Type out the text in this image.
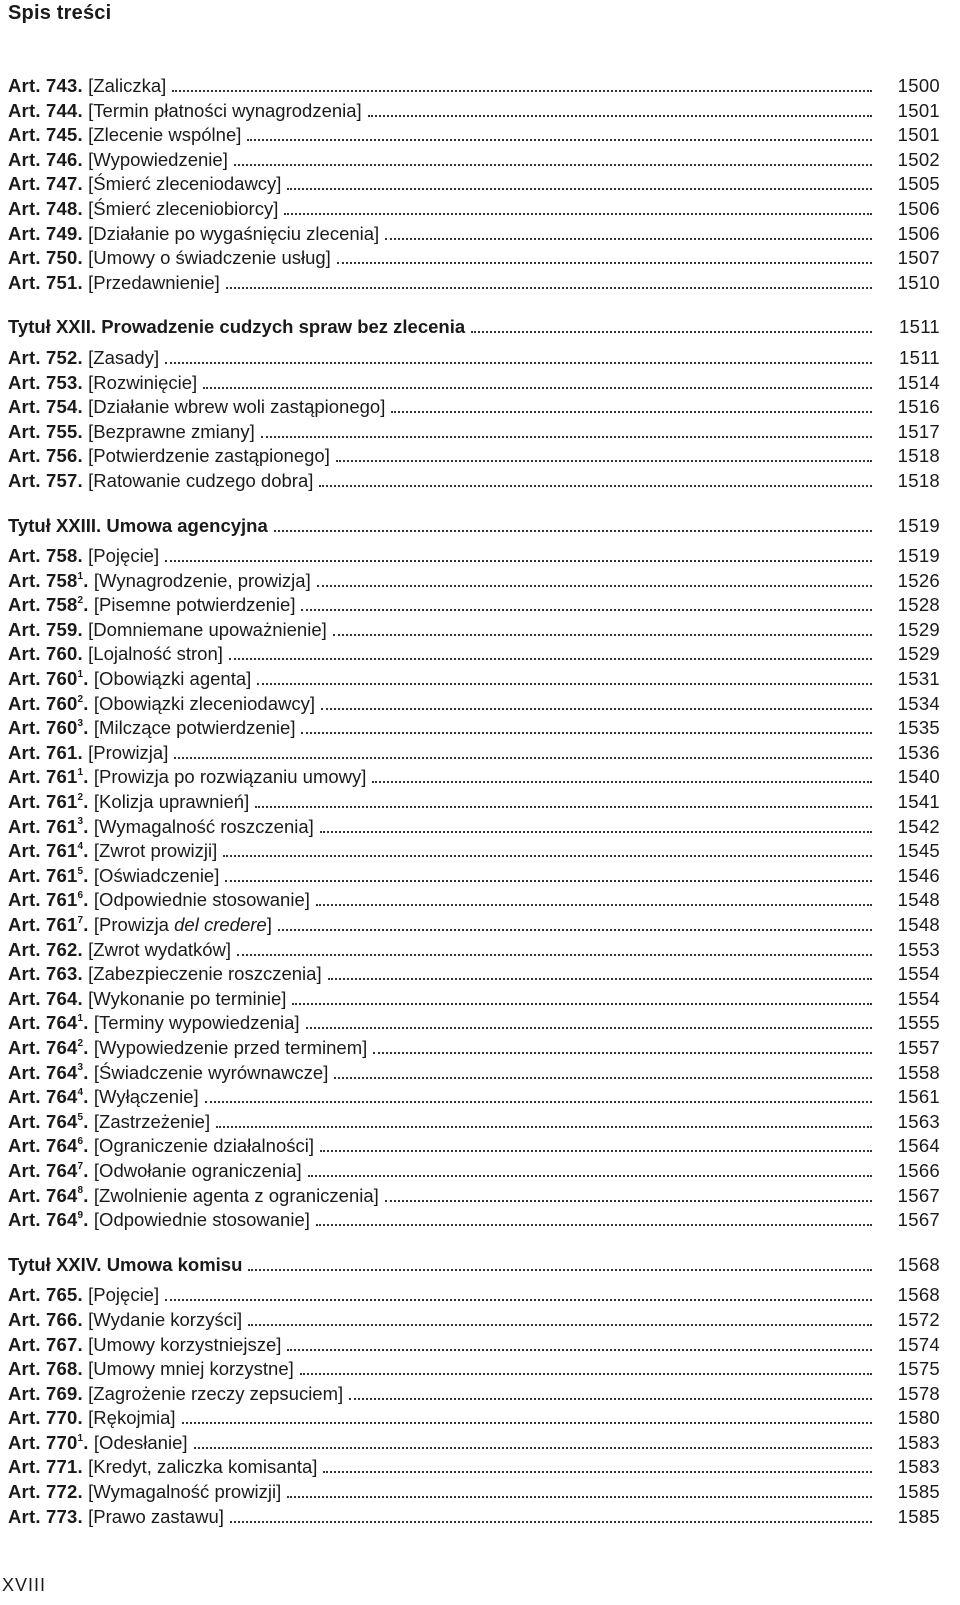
Spis treści
Art. 743. [Zaliczka]	1500
Art. 744. [Termin płatności wynagrodzenia]	1501
Art. 745. [Zlecenie wspólne]	1501
Art. 746. [Wypowiedzenie]	1502
Art. 747. [Śmierć zleceniodawcy]	1505
Art. 748. [Śmierć zleceniobiorcy]	1506
Art. 749. [Działanie po wygaśnięciu zlecenia]	1506
Art. 750. [Umowy o świadczenie usług]	1507
Art. 751. [Przedawnienie]	1510
Tytuł XXII. Prowadzenie cudzych spraw bez zlecenia	1511
Art. 752. [Zasady]	1511
Art. 753. [Rozwinięcie]	1514
Art. 754. [Działanie wbrew woli zastąpionego]	1516
Art. 755. [Bezprawne zmiany]	1517
Art. 756. [Potwierdzenie zastąpionego]	1518
Art. 757. [Ratowanie cudzego dobra]	1518
Tytuł XXIII. Umowa agencyjna	1519
Art. 758. [Pojęcie]	1519
Art. $758^1$. [Wynagrodzenie, prowizja]	1526
Art. $758^2$. [Pisemne potwierdzenie]	1528
Art. 759. [Domniemane upoważnienie]	1529
Art. 760. [Lojalność stron]	1529
Art. $760^1$. [Obowiązki agenta]	1531
Art. $760^2$. [Obowiązki zleceniodawcy]	1534
Art. $760^3$. [Milczące potwierdzenie]	1535
Art. 761. [Prowizja]	1536
Art. $761^1$. [Prowizja po rozwiązaniu umowy]	1540
Art. $761^2$. [Kolizja uprawnień]	1541
Art. $761^3$. [Wymagalność roszczenia]	1542
Art. $761^4$. [Zwrot prowizji]	1545
Art. $761^5$. [Oświadczenie]	1546
Art. $761^6$. [Odpowiednie stosowanie]	1548
Art. $761^7$. [Prowizja del credere]	1548
Art. 762. [Zwrot wydatków]	1553
Art. 763. [Zabezpieczenie roszczenia]	1554
Art. 764. [Wykonanie po terminie]	1554
Art. $764^1$. [Terminy wypowiedzenia]	1555
Art. $764^2$. [Wypowiedzenie przed terminem]	1557
Art. $764^3$. [Świadczenie wyrównawcze]	1558
Art. $764^4$. [Wyłączenie]	1561
Art. $764^5$. [Zastrzeżenie]	1563
Art. $764^6$. [Ograniczenie działalności]	1564
Art. $764^7$. [Odwołanie ograniczenia]	1566
Art. $764^8$. [Zwolnienie agenta z ograniczenia]	1567
Art. $764^9$. [Odpowiednie stosowanie]	1567
Tytuł XXIV. Umowa komisu	1568
Art. 765. [Pojęcie]	1568
Art. 766. [Wydanie korzyści]	1572
Art. 767. [Umowy korzystniejsze]	1574
Art. 768. [Umowy mniej korzystne]	1575
Art. 769. [Zagrożenie rzeczy zepsuciem]	1578
Art. 770. [Rękojmia]	1580
Art. $770^1$. [Odesłanie]	1583
Art. 771. [Kredyt, zaliczka komisanta]	1583
Art. 772. [Wymagalność prowizji]	1585
Art. 773. [Prawo zastawu]	1585
XVIII
